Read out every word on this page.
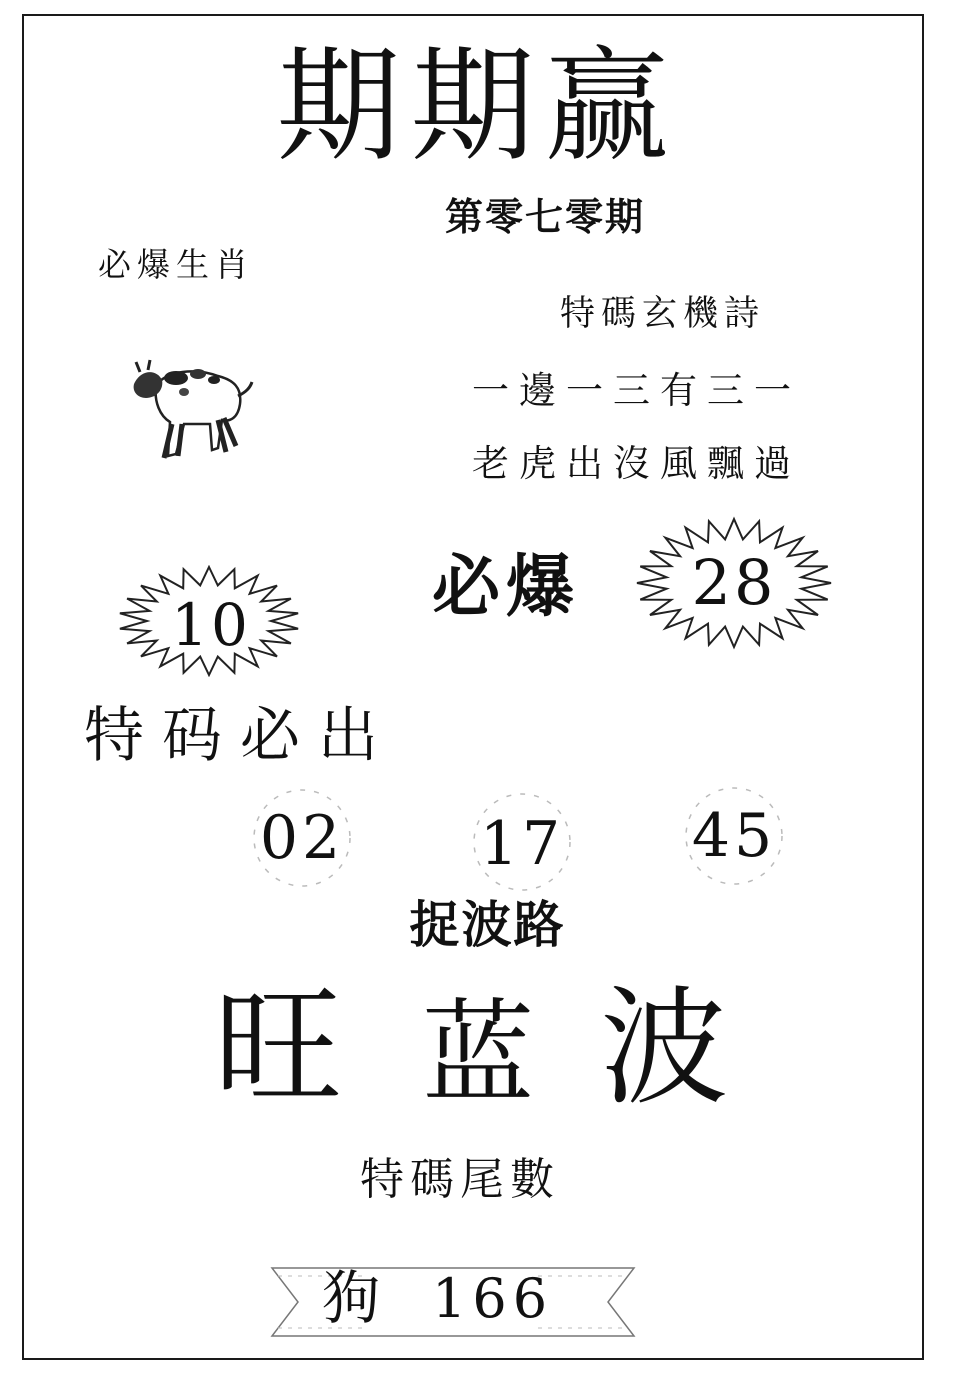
期期赢
第零七零期
必爆生肖
特碼玄機詩
一邊一三有三一
老虎出沒風飄過
10	必爆	28
特码必出
02 17 45
捉波路
旺 蓝 波
特碼尾數
狗 166
